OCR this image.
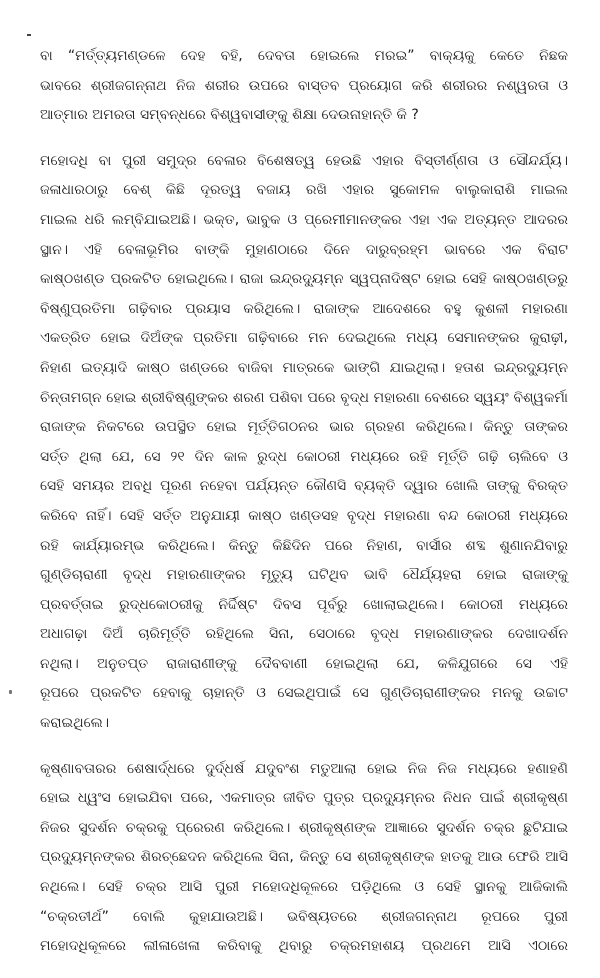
ବା “ମର୍ତ୍ତ୍ୟମଣ୍ଡଳେ ଦେହ ବହି, ଦେବତା ହୋଇଲେ ମରଇ” ବାକ୍ୟକୁ କେତେ ନିଛକ
ଭାବରେ ଶ୍ରୀଜଗନ୍ନାଥ ନିଜ ଶରୀର ଉପରେ ବାସ୍ତବ ପ୍ରୟୋଗ କରି ଶରୀରର ନଶ୍ୱରତା ଓ
ଆତ୍ମାର ଅମରତା ସମ୍ବନ୍ଧରେ ବିଶ୍ୱବାସୀଙ୍କୁ ଶିକ୍ଷା ଦେଉନାହାନ୍ତି କି ?
ମହୋଦଧି ବା ପୁରୀ ସମୁଦ୍ର ବେଳାର ବିଶେଷତ୍ୱ ହେଉଛି ଏହାର ବିସ୍ତୀର୍ଣ୍ଣତା ଓ ସୌନ୍ଦର୍ଯ୍ୟ।
ଜଳାଧାରଠାରୁ ବେଶ୍ କିଛି ଦୂରତ୍ୱ ବଜାୟ ରଖି ଏହାର ସୁକୋମଳ ବାଲୁକାରାଶି ମାଇଲ
ମାଇଲ ଧରି ଲମ୍ବିଯାଇଅଛି। ଭକ୍ତ, ଭାବୁକ ଓ ପ୍ରେମୀମାନଙ୍କର ଏହା ଏକ ଅତ୍ୟନ୍ତ ଆଦରର
ସ୍ଥାନ। ଏହି ବେଳାଭୂମିର ବାଙ୍କି ମୁହାଣଠାରେ ଦିନେ ଦାରୁବ୍ରହ୍ମ ଭାବରେ ଏକ ବିରାଟ
କାଷ୍ଠଖଣ୍ଡ ପ୍ରକଟିତ ହୋଇଥିଲେ। ରାଜା ଇନ୍ଦ୍ରଦ୍ୟୁମ୍ନ ସ୍ୱପ୍ନାଦିଷ୍ଟ ହୋଇ ସେହି କାଷ୍ଠଖଣ୍ଡରୁ
ବିଷ୍ଣୁପ୍ରତିମା ଗଢ଼ିବାର ପ୍ରୟାସ କରିଥିଲେ। ରାଜାଙ୍କ ଆଦେଶରେ ବହୁ କୁଶଳୀ ମହାରଣା
ଏକତ୍ରିତ ହୋଇ ଦିଅଁଙ୍କ ପ୍ରତିମା ଗଢ଼ିବାରେ ମନ ଦେଇଥିଲେ ମଧ୍ୟ ସେମାନଙ୍କର କୁରାଢ଼ୀ,
ନିହାଣ ଇତ୍ୟାଦି କାଷ୍ଠ ଖଣ୍ଡରେ ବାଜିବା ମାତ୍ରକେ ଭାଙ୍ଗି ଯାଇଥିଲା। ହତାଶ ଇନ୍ଦ୍ରଦ୍ୟୁମ୍ନ
ଚିନ୍ତାମଗ୍ନ ହୋଇ ଶ୍ରୀବିଷ୍ଣୁଙ୍କର ଶରଣ ପଶିବା ପରେ ବୃଦ୍ଧ ମହାରଣା ବେଶରେ ସ୍ୱୟଂ ବିଶ୍ୱକର୍ମା
ରାଜାଙ୍କ ନିକଟରେ ଉପସ୍ଥିତ ହୋଇ ମୂର୍ତ୍ତିଗଠନର ଭାର ଗ୍ରହଣ କରିଥିଲେ। କିନ୍ତୁ ତାଙ୍କର
ସର୍ତ୍ତ ଥିଲା ଯେ, ସେ ୨୧ ଦିନ କାଳ ରୁଦ୍ଧ କୋଠରୀ ମଧ୍ୟରେ ରହି ମୂର୍ତ୍ତି ଗଢ଼ି ଚାଲିବେ ଓ
ସେହି ସମୟର ଅବଧି ପୂରଣ ନହେବା ପର୍ଯ୍ୟନ୍ତ କୌଣସି ବ୍ୟକ୍ତି ଦ୍ୱାର ଖୋଲି ତାଙ୍କୁ ବିରକ୍ତ
କରିବେ ନାହିଁ। ସେହି ସର୍ତ୍ତ ଅନୁଯାୟୀ କାଷ୍ଠ ଖଣ୍ଡସହ ବୃଦ୍ଧ ମହାରଣା ବନ୍ଦ କୋଠରୀ ମଧ୍ୟରେ
ରହି କାର୍ଯ୍ୟାରମ୍ଭ କରିଥିଲେ। କିନ୍ତୁ କିଛିଦିନ ପରେ ନିହାଣ, ବାର୍ସୀର ଶବ୍ଦ ଶୁଣାନଯିବାରୁ
ଗୁଣ୍ଡିଚାରାଣୀ ବୃଦ୍ଧ ମହାରଣାଙ୍କର ମୃତ୍ୟୁ ଘଟିଥିବ ଭାବି ଧୈର୍ଯ୍ୟହରା ହୋଇ ରାଜାଙ୍କୁ
ପ୍ରବର୍ତ୍ତାଇ ରୁଦ୍ଧକୋଠରୀକୁ ନିର୍ଦ୍ଦିଷ୍ଟ ଦିବସ ପୂର୍ବରୁ ଖୋଲାଇଥିଲେ। କୋଠରୀ ମଧ୍ୟରେ
ଅଧାଗଢ଼ା ଦିଅଁ ଚାରିମୂର୍ତ୍ତି ରହିଥିଲେ ସିନା, ସେଠାରେ ବୃଦ୍ଧ ମହାରଣାଙ୍କର ଦେଖାଦର୍ଶନ
ନଥିଲା। ଅନୁତପ୍ତ ରାଜାରାଣୀଙ୍କୁ ଦୈବବାଣୀ ହୋଇଥିଲା ଯେ, କଳିଯୁଗରେ ସେ ଏହି
ରୂପରେ ପ୍ରକଟିତ ହେବାକୁ ଚାହାନ୍ତି ଓ ସେଇଥିପାଇଁ ସେ ଗୁଣ୍ଡିଚାରାଣୀଙ୍କର ମନକୁ ଉଚ୍ଚାଟ
କରାଇଥିଲେ।
କୃଷ୍ଣାବତାରର ଶେଷାର୍ଦ୍ଧରେ ଦୁର୍ଦ୍ଧର୍ଷ ଯଦୁବଂଶ ମତୁଆଲା ହୋଇ ନିଜ ନିଜ ମଧ୍ୟରେ ହଣାହଣି
ହୋଇ ଧ୍ୱଂସ ହୋଇଯିବା ପରେ, ଏକମାତ୍ର ଜୀବିତ ପୁତ୍ର ପ୍ରଦ୍ୟୁମ୍ନର ନିଧନ ପାଇଁ ଶ୍ରୀକୃଷ୍ଣ
ନିଜର ସୁଦର୍ଶନ ଚକ୍ରକୁ ପ୍ରେରଣ କରିଥିଲେ। ଶ୍ରୀକୃଷ୍ଣଙ୍କ ଆଜ୍ଞାରେ ସୁଦର୍ଶନ ଚକ୍ର ଛୁଟିଯାଇ
ପ୍ରଦ୍ୟୁମ୍ନଙ୍କର ଶିରଚ୍ଛେଦନ କରିଥିଲେ ସିନା, କିନ୍ତୁ ସେ ଶ୍ରୀକୃଷ୍ଣଙ୍କ ହାତକୁ ଆଉ ଫେରି ଆସି
ନଥିଲେ। ସେହି ଚକ୍ର ଆସି ପୁରୀ ମହୋଦଧିକୂଳରେ ପଡ଼ିଥିଲେ ଓ ସେହି ସ୍ଥାନକୁ ଆଜିକାଲି
“ଚକ୍ରତୀର୍ଥ” ବୋଲି କୁହାଯାଉଅଛି। ଭବିଷ୍ୟତରେ ଶ୍ରୀଜଗନ୍ନାଥ ରୂପରେ ପୁରୀ
ମହୋଦଧିକୂଳରେ ଲୀଳାଖେଳା କରିବାକୁ ଥିବାରୁ ଚକ୍ରମହାଶୟ ପ୍ରଥମେ ଆସି ଏଠାରେ
